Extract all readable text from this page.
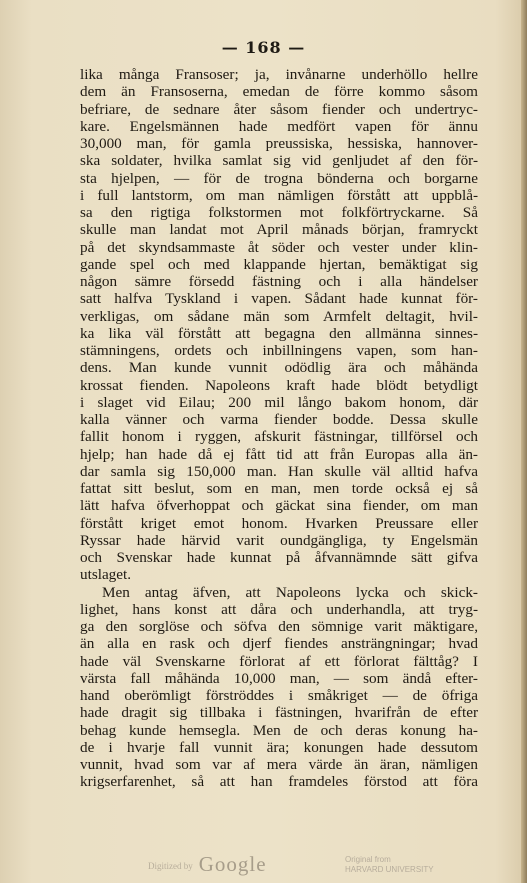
— 168 —
lika många Fransoser; ja, invånarne underhöllo hellre
dem än Fransoserna, emedan de förre kommo såsom
befriare, de sednare åter såsom fiender och undertryc-
kare. Engelsmännen hade medfört vapen för ännu
30,000 man, för gamla preussiska, hessiska, hannover-
ska soldater, hvilka samlat sig vid genljudet af den för-
sta hjelpen, — för de trogna bönderna och borgarne
i full lantstorm, om man nämligen förstått att uppblå-
sa den rigtiga folkstormen mot folkförtryckarne. Så
skulle man landat mot April månads början, framryckt
på det skyndsammaste åt söder och vester under klin-
gande spel och med klappande hjertan, bemäktigat sig
någon sämre försedd fästning och i alla händelser
satt halfva Tyskland i vapen. Sådant hade kunnat för-
verkligas, om sådane män som Armfelt deltagit, hvil-
ka lika väl förstått att begagna den allmänna sinnes-
stämningens, ordets och inbillningens vapen, som han-
dens. Man kunde vunnit odödlig ära och måhända
krossat fienden. Napoleons kraft hade blödt betydligt
i slaget vid Eilau; 200 mil långo bakom honom, där
kalla vänner och varma fiender bodde. Dessa skulle
fallit honom i ryggen, afskurit fästningar, tillförsel och
hjelp; han hade då ej fått tid att från Europas alla än-
dar samla sig 150,000 man. Han skulle väl alltid hafva
fattat sitt beslut, som en man, men torde också ej så
lätt hafva öfverhoppat och gäckat sina fiender, om man
förstått kriget emot honom. Hvarken Preussare eller
Ryssar hade härvid varit oundgängliga, ty Engelsmän
och Svenskar hade kunnat på åfvannämnde sätt gifva
utslaget.
Men antag äfven, att Napoleons lycka och skick-
lighet, hans konst att dåra och underhandla, att tryg-
ga den sorglöse och söfva den sömnige varit mäktigare,
än alla en rask och djerf fiendes ansträngningar; hvad
hade väl Svenskarne förlorat af ett förlorat fälttåg? I
värsta fall måhända 10,000 man, — som ändå efter-
hand oberömligt förströddes i småkriget — de öfriga
hade dragit sig tillbaka i fästningen, hvarifrån de efter
behag kunde hemsegla. Men de och deras konung ha-
de i hvarje fall vunnit ära; konungen hade dessutom
vunnit, hvad som var af mera värde än äran, nämligen
krigserfarenhet, så att han framdeles förstod att föra
Digitized by Google	Original from
HARVARD UNIVERSITY
